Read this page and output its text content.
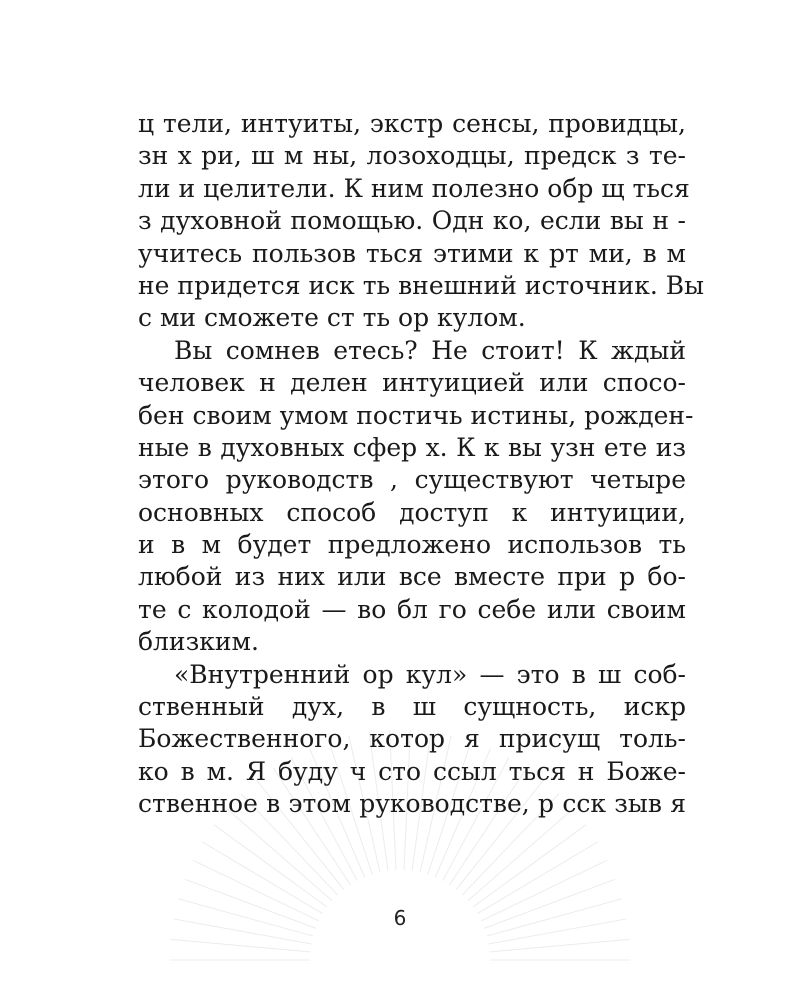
ц тели, интуиты, экстр сенсы, провидцы,
зн х ри, ш м ны, лозоходцы, предск з те-
ли и целители. К ним полезно обр щ ться
з духовной помощью. Одн ко, если вы н -
учитесь пользов ться этими к рт ми, в м
не придется иск ть внешний источник. Вы
с ми сможете ст ть ор кулом.

Вы сомнев етесь? Не стоит! К ждый
человек н делен интуицией или спосо-
бен своим умом постичь истины, рожден-
ные в духовных сфер х. К к вы узн ете из
этого руководств , существуют четыре
основных способ доступ к интуиции,
и в м будет предложено использов ть
любой из них или все вместе при р бо-
те с колодой — во бл го себе или своим
близким.

«Внутренний ор кул» — это в ш соб-
ственный дух, в ш сущность, искр
Божественного, котор я присущ толь-
ко в м. Я буду ч сто ссыл ться н Боже-
ственное в этом руководстве, р сск зыв я

6
